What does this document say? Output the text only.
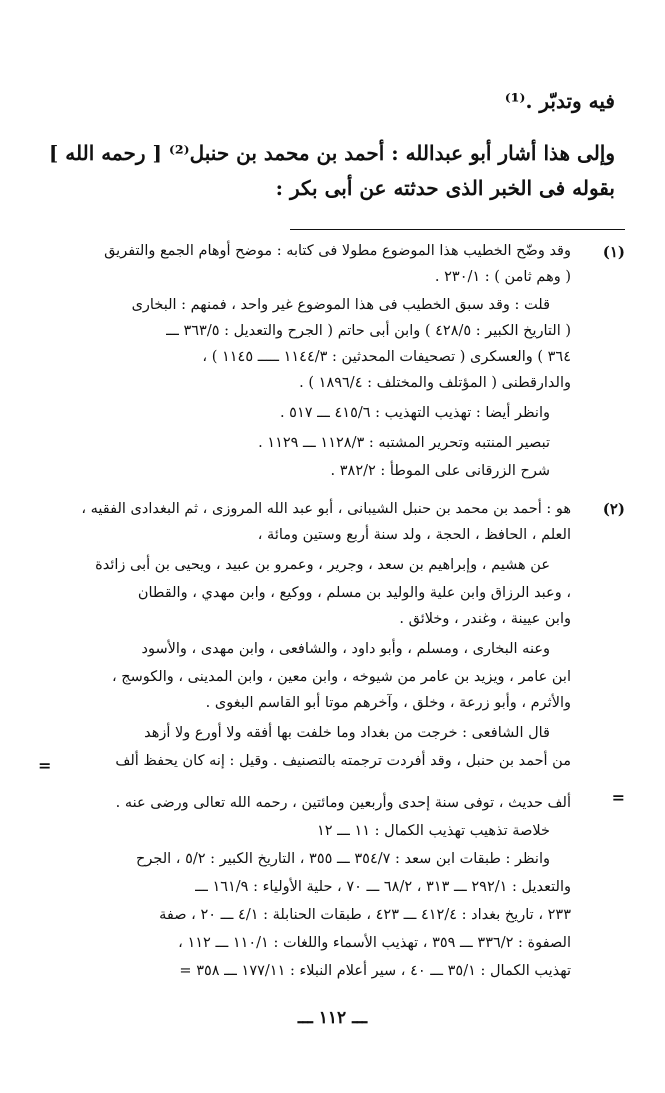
فيه وتدبّر .⁽¹⁾
وإلى هذا أشار أبو عبدالله : أحمد بن محمد بن حنبل⁽²⁾ [ رحمه الله ]
بقوله فى الخبر الذى حدثته عن أبى بكر :
(١)
وقد وضّح الخطيب هذا الموضوع مطولا فى كتابه : موضح أوهام الجمع والتفريق
( وهم ثامن ) : ٢٣٠/١ .
قلت : وقد سبق الخطيب فى هذا الموضوع غير واحد ، فمنهم : البخارى
( التاريخ الكبير : ٤٢٨/٥ ) وابن أبى حاتم ( الجرح والتعديل : ٣٦٣/٥ ـــ
٣٦٤ ) والعسكرى ( تصحيفات المحدثين : ١١٤٤/٣ ـــــ ١١٤٥ ) ،
والدارقطنى ( المؤتلف والمختلف : ١٨٩٦/٤ ) .
وانظر أيضا : تهذيب التهذيب : ٤١٥/٦ ـــ ٥١٧ .
تبصير المنتبه وتحرير المشتبه : ١١٢٨/٣ ـــ ١١٢٩ .
شرح الزرقانى على الموطأ : ٣٨٢/٢ .
(٢)
هو : أحمد بن محمد بن حنبل الشيبانى ، أبو عبد الله المروزى ، ثم البغدادى الفقيه ،
العلم ، الحافظ ، الحجة ، ولد سنة أربع وستين ومائة ،
عن هشيم ، وإبراهيم بن سعد ، وجرير ، وعمرو بن عبيد ، ويحيى بن أبى زائدة
، وعبد الرزاق وابن علية والوليد بن مسلم ، ووكيع ، وابن مهدي ، والقطان
وابن عيينة ، وغندر ، وخلائق .
وعنه البخارى ، ومسلم ، وأبو داود ، والشافعى ، وابن مهدى ، والأسود
ابن عامر ، ويزيد بن عامر من شيوخه ، وابن معين ، وابن المدينى ، والكوسج ،
والأثرم ، وأبو زرعة ، وخلق ، وآخرهم موتا أبو القاسم البغوى .
قال الشافعى : خرجت من بغداد وما خلفت بها أفقه ولا أورع ولا أزهد
من أحمد بن حنبل ، وقد أفردت ترجمته بالتصنيف . وقيل : إنه كان يحفظ ألف
ألف حديث ، توفى سنة إحدى وأربعين ومائتين ، رحمه الله تعالى ورضى عنه .
خلاصة تذهيب تهذيب الكمال : ١١ ـــ ١٢
وانظر : طبقات ابن سعد : ٣٥٤/٧ ـــ ٣٥٥ ، التاريخ الكبير : ٥/٢ ، الجرح
والتعديل : ٢٩٢/١ ـــ ٣١٣ ، ٦٨/٢ ـــ ٧٠ ، حلية الأولياء : ١٦١/٩ ـــ
٢٣٣ ، تاريخ بغداد : ٤١٢/٤ ـــ ٤٢٣ ، طبقات الحنابلة : ٤/١ ـــ ٢٠ ، صفة
الصفوة : ٣٣٦/٢ ـــ ٣٥٩ ، تهذيب الأسماء واللغات : ١١٠/١ ـــ ١١٢ ،
تهذيب الكمال : ٣٥/١ ـــ ٤٠ ، سير أعلام النبلاء : ١٧٧/١١ ـــ ٣٥٨ =
=
=
ـــ ١١٢ ـــ
